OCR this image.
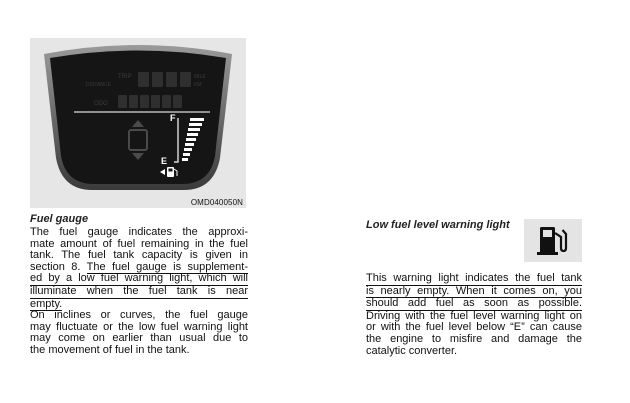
TRIP
DISTANCE
ODO
MILE
KM
F
E
OMD040050N
Fuel gauge

The fuel gauge indicates the approxi-

mate amount of fuel remaining in the fuel

tank. The fuel tank capacity is given in

section 8. The fuel gauge is supplement-

ed by a low fuel warning light, which will

illuminate when the fuel tank is near

empty.

On inclines or curves, the fuel gauge

may fluctuate or the low fuel warning light

may come on earlier than usual due to

the movement of fuel in the tank.

Low fuel level warning light

This warning light indicates the fuel tank

is nearly empty. When it comes on, you

should add fuel as soon as possible.

Driving with the fuel level warning light on

or with the fuel level below “E” can cause

the engine to misfire and damage the

catalytic converter.
